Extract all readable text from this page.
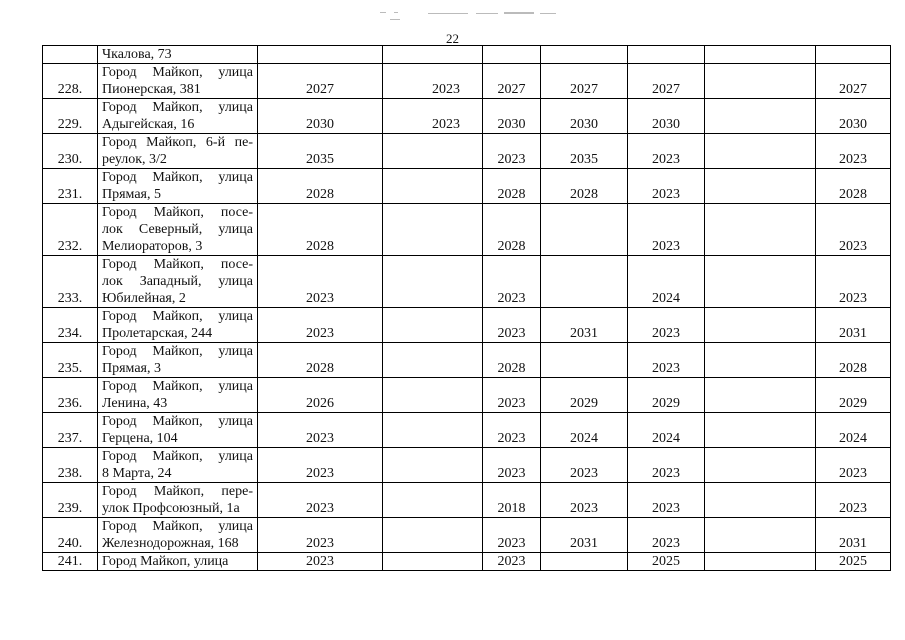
22

	Чкалова, 73							

228.	Город Майкоп, улица
Пионерская, 381	2027	2023	2027	2027	2027		2027
229.	Город Майкоп, улица
Адыгейская, 16	2030	2023	2030	2030	2030		2030
230.	Город Майкоп, 6-й пе-
реулок, 3/2	2035		2023	2035	2023		2023
231.	Город Майкоп, улица
Прямая, 5	2028		2028	2028	2023		2028
232.	Город Майкоп, посе-
лок Северный, улица
Мелиораторов, 3	2028		2028		2023		2023
233.	Город Майкоп, посе-
лок Западный, улица
Юбилейная, 2	2023		2023		2024		2023
234.	Город Майкоп, улица
Пролетарская, 244	2023		2023	2031	2023		2031
235.	Город Майкоп, улица
Прямая, 3	2028		2028		2023		2028
236.	Город Майкоп, улица
Ленина, 43	2026		2023	2029	2029		2029
237.	Город Майкоп, улица
Герцена, 104	2023		2023	2024	2024		2024
238.	Город Майкоп, улица
8 Марта, 24	2023		2023	2023	2023		2023
239.	Город Майкоп, пере-
улок Профсоюзный, 1а	2023		2018	2023	2023		2023
240.	Город Майкоп, улица
Железнодорожная, 168	2023		2023	2031	2023		2031
241.	Город Майкоп, улица	2023		2023		2025		2025
